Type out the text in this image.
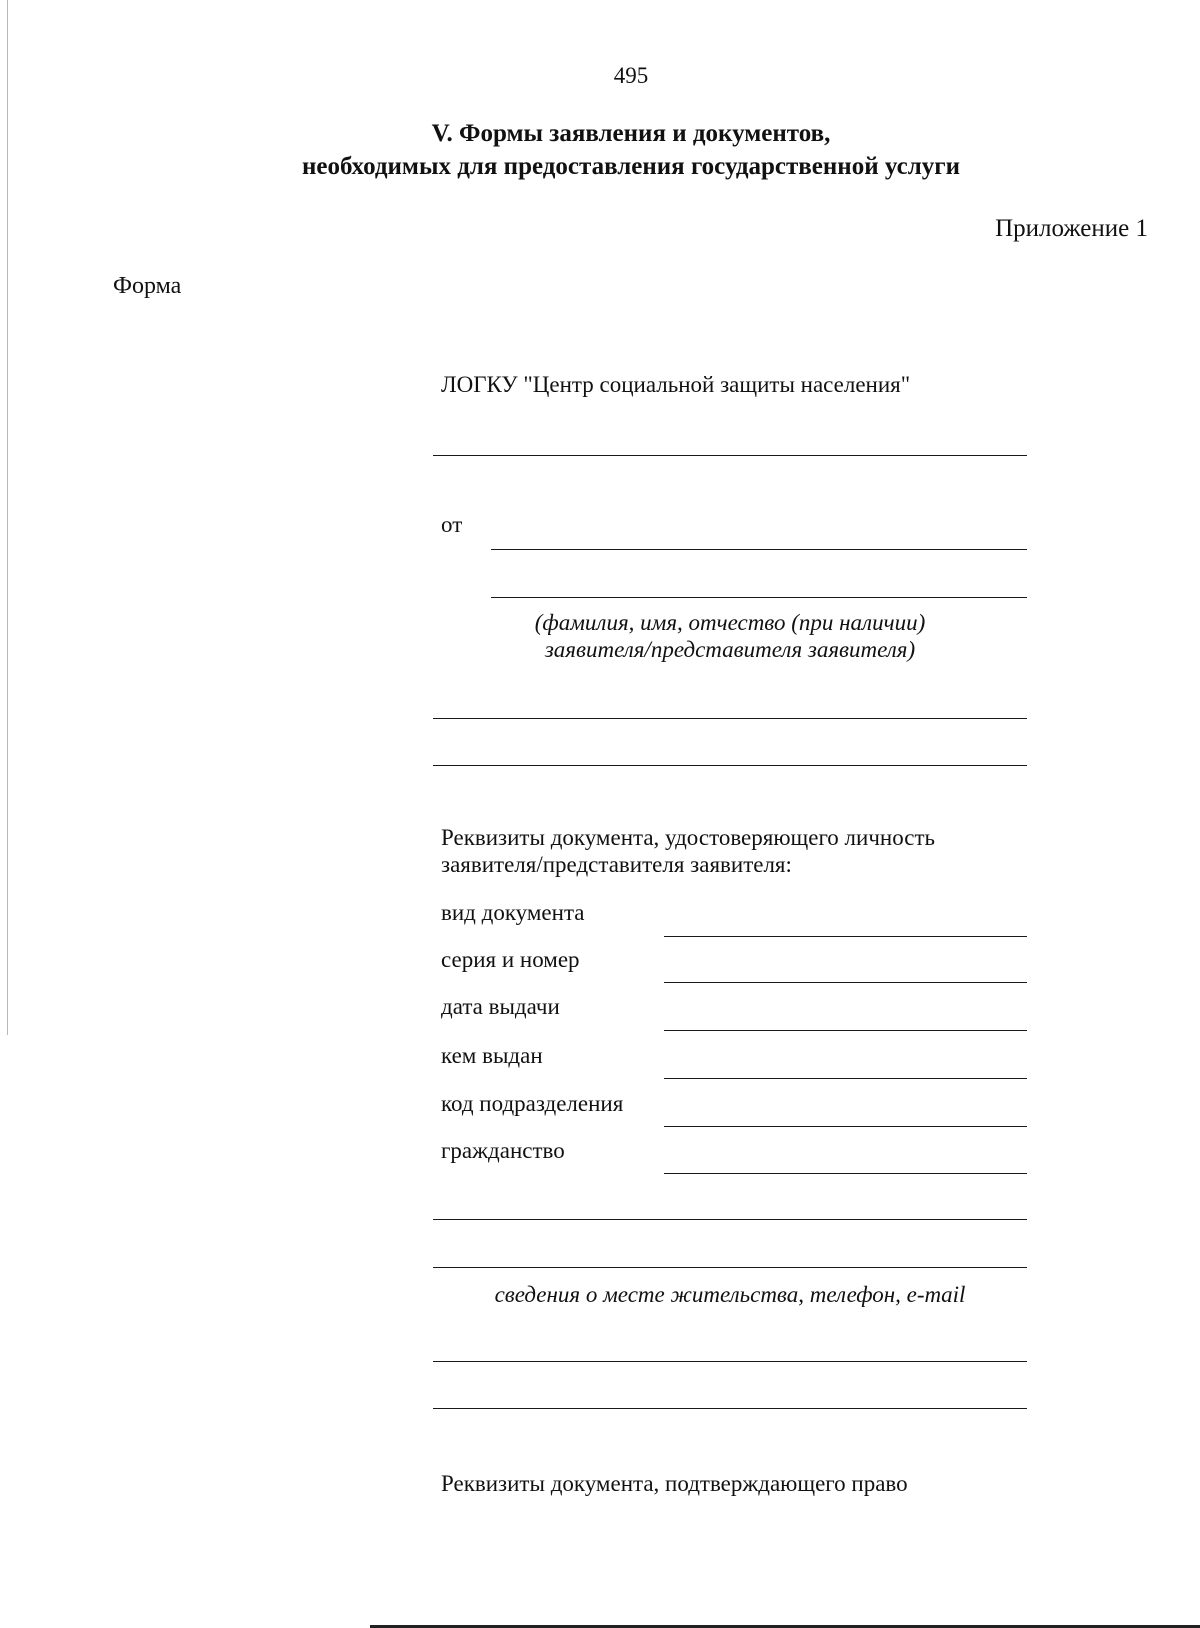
495
V. Формы заявления и документов,
необходимых для предоставления государственной услуги
Приложение 1
Форма
ЛОГКУ "Центр социальной защиты населения"
от
(фамилия, имя, отчество (при наличии)
заявителя/представителя заявителя)
Реквизиты документа, удостоверяющего личность
заявителя/представителя заявителя:
вид документа
серия и номер
дата выдачи
кем выдан
код подразделения
гражданство
сведения о месте жительства, телефон, e-mail
Реквизиты документа, подтверждающего право
